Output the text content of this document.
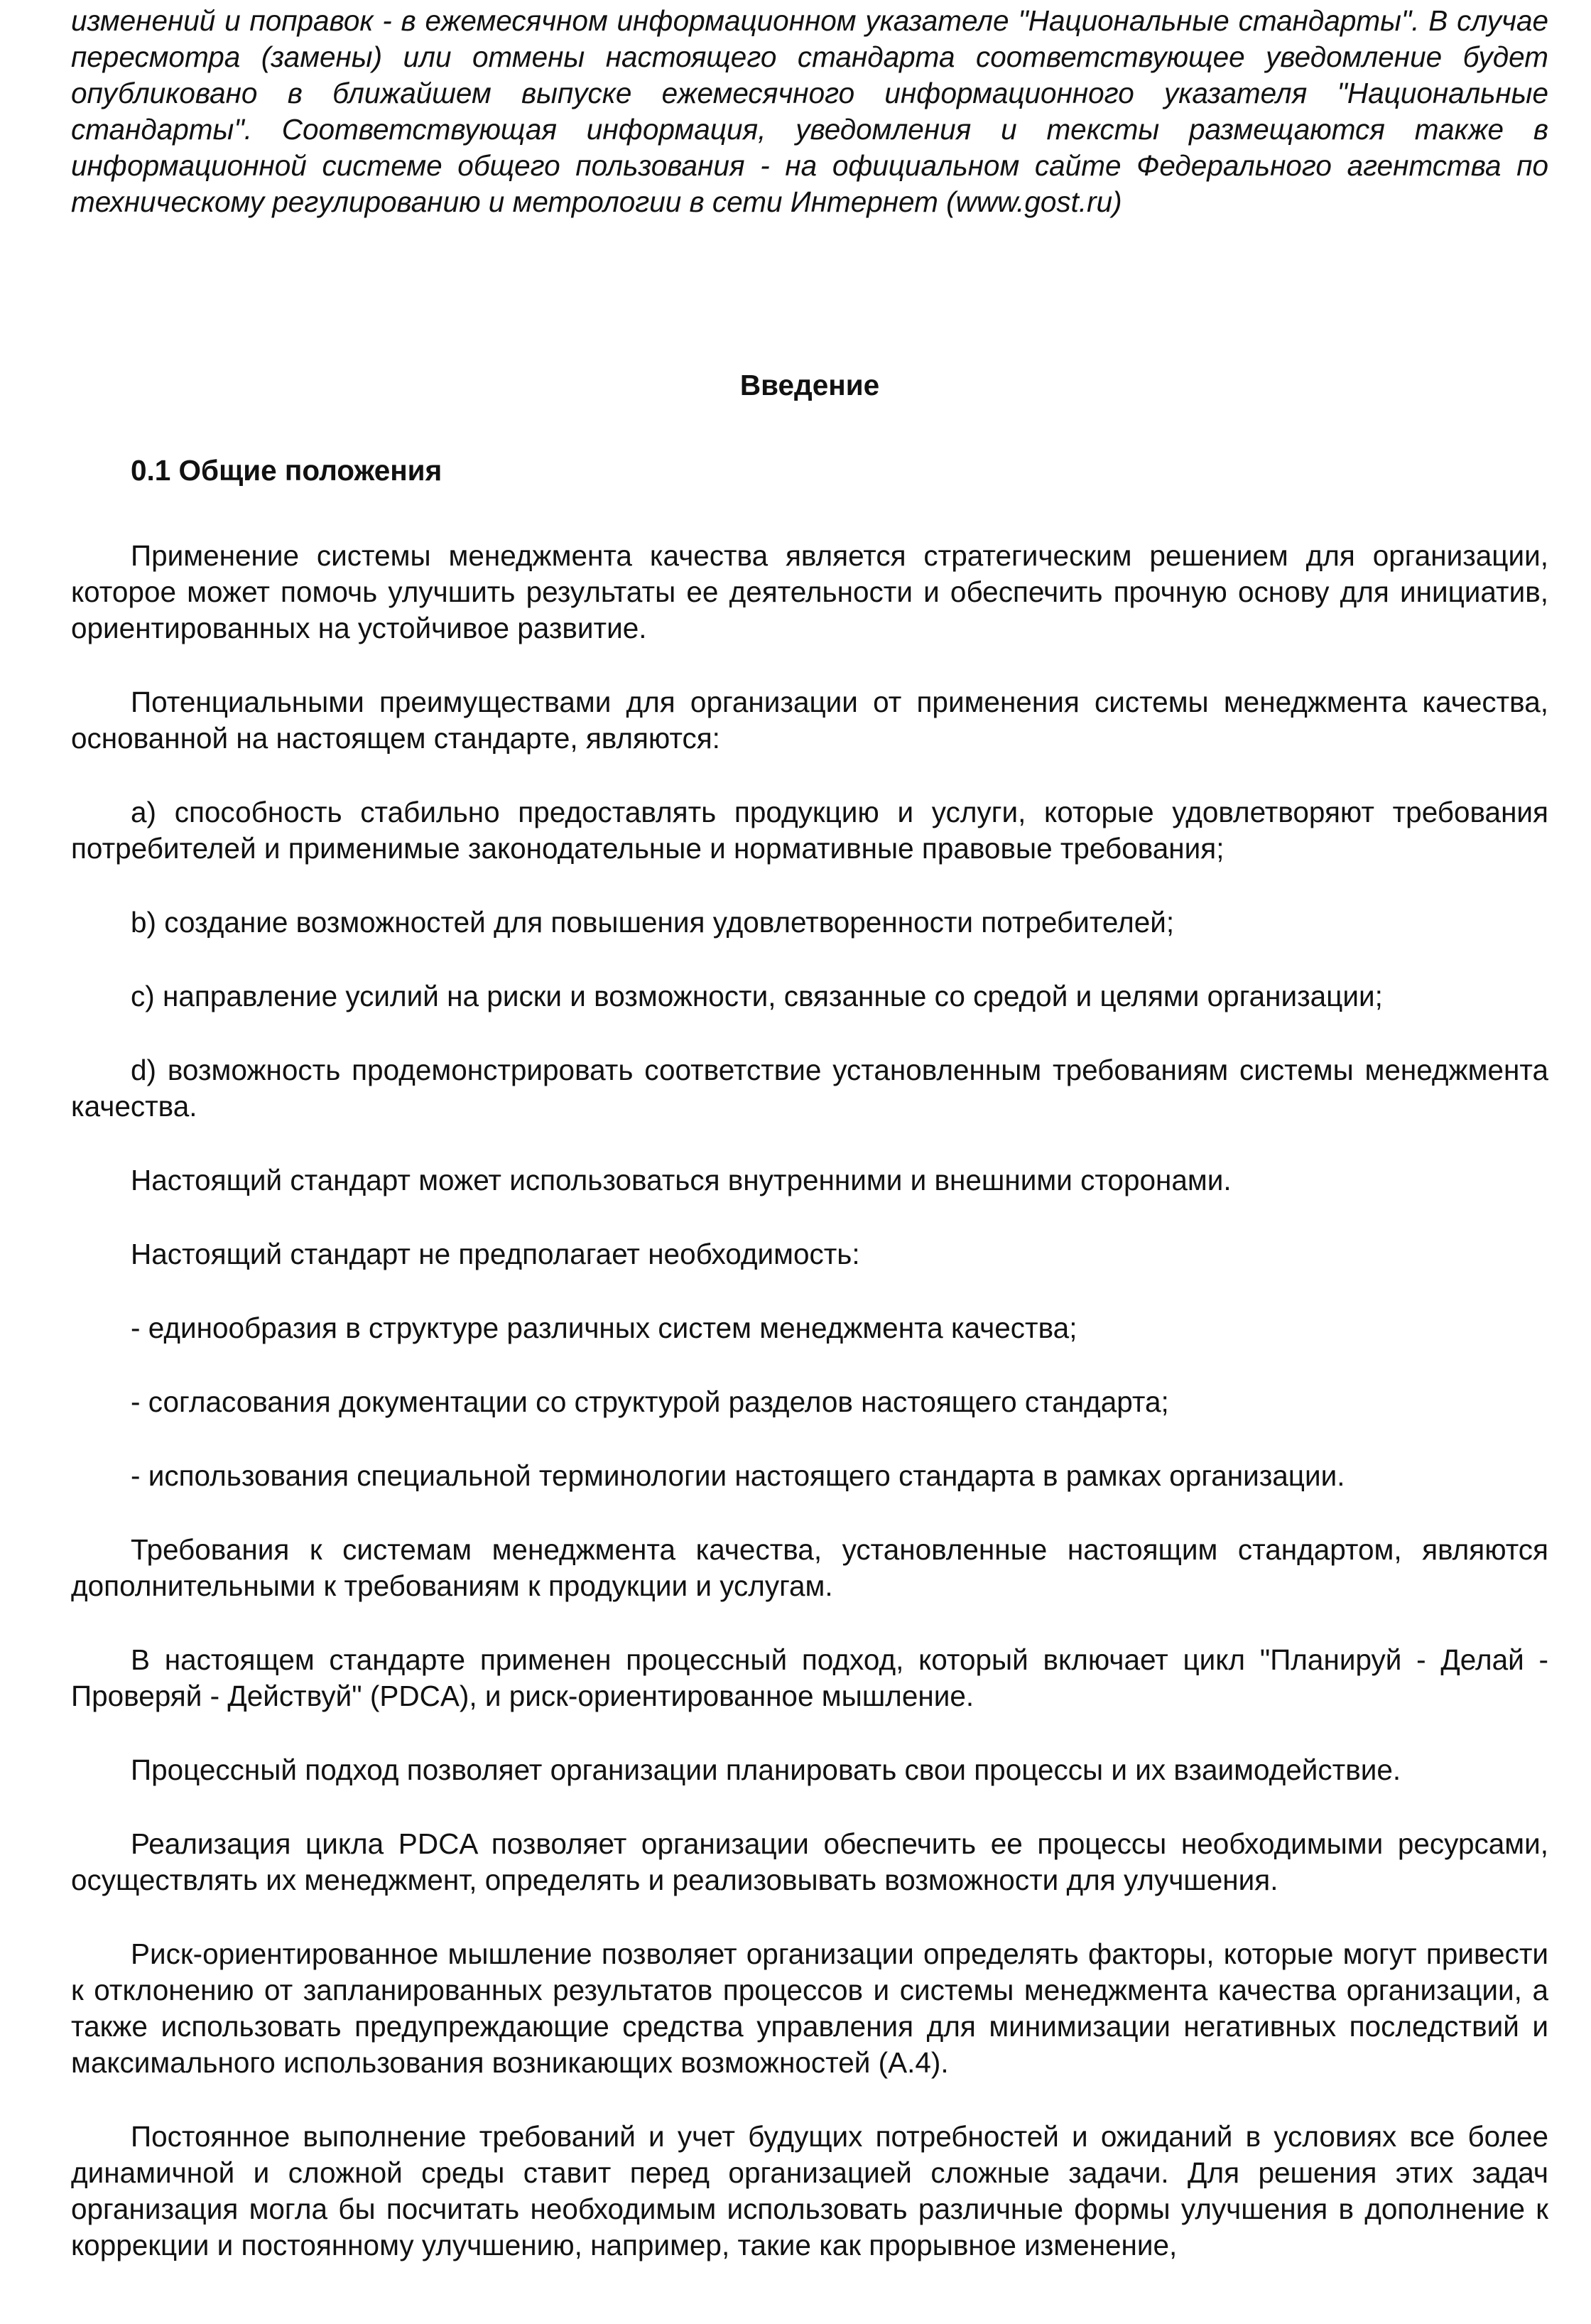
изменений и поправок - в ежемесячном информационном указателе "Национальные стандарты". В случае пересмотра (замены) или отмены настоящего стандарта соответствующее уведомление будет опубликовано в ближайшем выпуске ежемесячного информационного указателя "Национальные стандарты". Соответствующая информация, уведомления и тексты размещаются также в информационной системе общего пользования - на официальном сайте Федерального агентства по техническому регулированию и метрологии в сети Интернет (www.gost.ru)

Введение
0.1 Общие положения

Применение системы менеджмента качества является стратегическим решением для организации, которое может помочь улучшить результаты ее деятельности и обеспечить прочную основу для инициатив, ориентированных на устойчивое развитие.

Потенциальными преимуществами для организации от применения системы менеджмента качества, основанной на настоящем стандарте, являются:

a) способность стабильно предоставлять продукцию и услуги, которые удовлетворяют требования потребителей и применимые законодательные и нормативные правовые требования;

b) создание возможностей для повышения удовлетворенности потребителей;

c) направление усилий на риски и возможности, связанные со средой и целями организации;

d) возможность продемонстрировать соответствие установленным требованиям системы менеджмента качества.

Настоящий стандарт может использоваться внутренними и внешними сторонами.

Настоящий стандарт не предполагает необходимость:

- единообразия в структуре различных систем менеджмента качества;

- согласования документации со структурой разделов настоящего стандарта;

- использования специальной терминологии настоящего стандарта в рамках организации.

Требования к системам менеджмента качества, установленные настоящим стандартом, являются дополнительными к требованиям к продукции и услугам.

В настоящем стандарте применен процессный подход, который включает цикл "Планируй - Делай - Проверяй - Действуй" (PDCA), и риск-ориентированное мышление.

Процессный подход позволяет организации планировать свои процессы и их взаимодействие.

Реализация цикла PDCA позволяет организации обеспечить ее процессы необходимыми ресурсами, осуществлять их менеджмент, определять и реализовывать возможности для улучшения.

Риск-ориентированное мышление позволяет организации определять факторы, которые могут привести к отклонению от запланированных результатов процессов и системы менеджмента качества организации, а также использовать предупреждающие средства управления для минимизации негативных последствий и максимального использования возникающих возможностей (A.4).

Постоянное выполнение требований и учет будущих потребностей и ожиданий в условиях все более динамичной и сложной среды ставит перед организацией сложные задачи. Для решения этих задач организация могла бы посчитать необходимым использовать различные формы улучшения в дополнение к коррекции и постоянному улучшению, например, такие как прорывное изменение,
